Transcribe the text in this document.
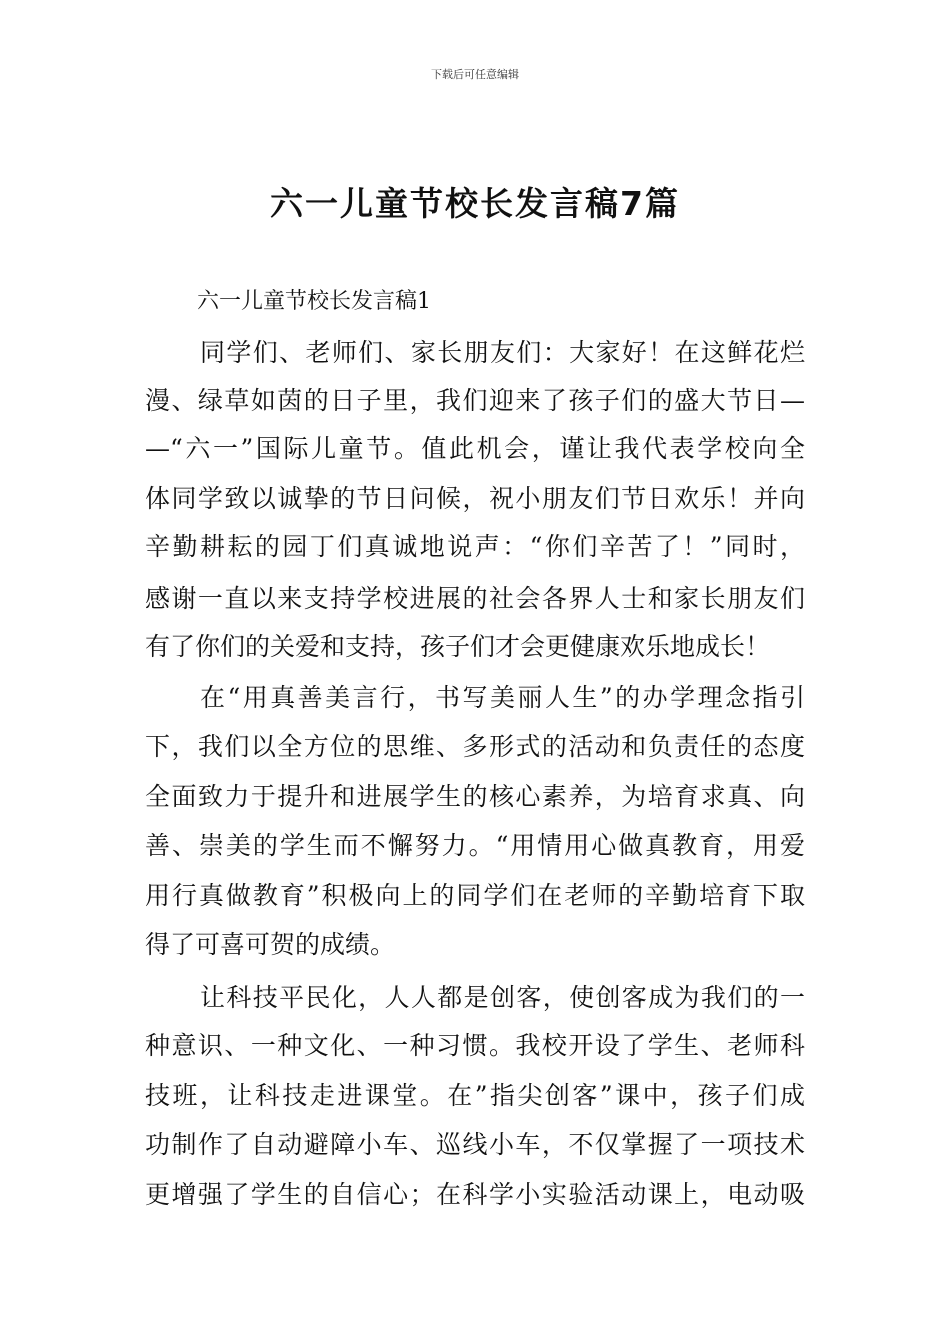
下载后可任意编辑
六一儿童节校长发言稿7篇
六一儿童节校长发言稿1
同学们、老师们、家长朋友们：大家好！在这鲜花烂
漫、绿草如茵的日子里，我们迎来了孩子们的盛大节日—
—“六一”国际儿童节。值此机会，谨让我代表学校向全
体同学致以诚挚的节日问候，祝小朋友们节日欢乐！并向
辛勤耕耘的园丁们真诚地说声：“你们辛苦了！”同时，
感谢一直以来支持学校进展的社会各界人士和家长朋友们
有了你们的关爱和支持，孩子们才会更健康欢乐地成长！
在“用真善美言行，书写美丽人生”的办学理念指引
下，我们以全方位的思维、多形式的活动和负责任的态度
全面致力于提升和进展学生的核心素养，为培育求真、向
善、崇美的学生而不懈努力。“用情用心做真教育，用爱
用行真做教育”积极向上的同学们在老师的辛勤培育下取
得了可喜可贺的成绩。
让科技平民化，人人都是创客，使创客成为我们的一
种意识、一种文化、一种习惯。我校开设了学生、老师科
技班，让科技走进课堂。在”指尖创客”课中，孩子们成
功制作了自动避障小车、巡线小车，不仅掌握了一项技术
更增强了学生的自信心；在科学小实验活动课上，电动吸
